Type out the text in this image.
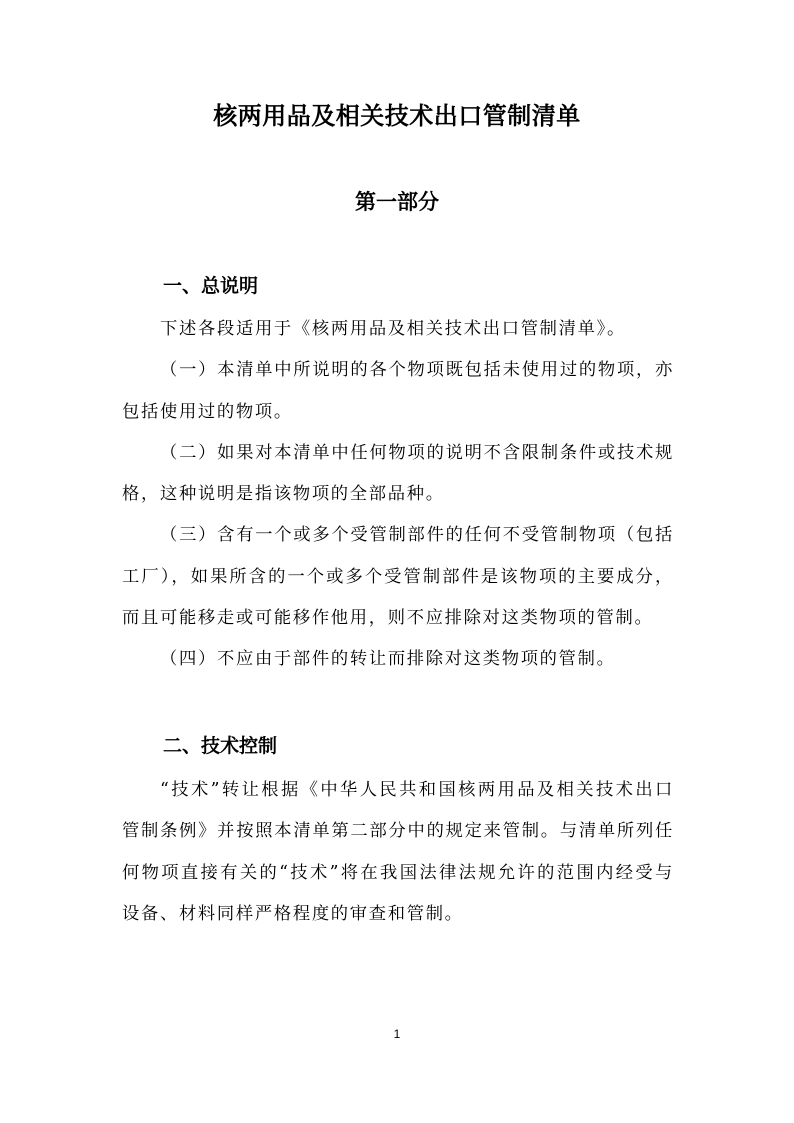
核两用品及相关技术出口管制清单
第一部分
一、总说明

下述各段适用于《核两用品及相关技术出口管制清单》。

（一）本清单中所说明的各个物项既包括未使用过的物项，亦包括使用过的物项。

（二）如果对本清单中任何物项的说明不含限制条件或技术规格，这种说明是指该物项的全部品种。

（三）含有一个或多个受管制部件的任何不受管制物项（包括工厂），如果所含的一个或多个受管制部件是该物项的主要成分，而且可能移走或可能移作他用，则不应排除对这类物项的管制。

（四）不应由于部件的转让而排除对这类物项的管制。

二、技术控制

“技术”转让根据《中华人民共和国核两用品及相关技术出口管制条例》并按照本清单第二部分中的规定来管制。与清单所列任何物项直接有关的“技术”将在我国法律法规允许的范围内经受与设备、材料同样严格程度的审查和管制。

1
